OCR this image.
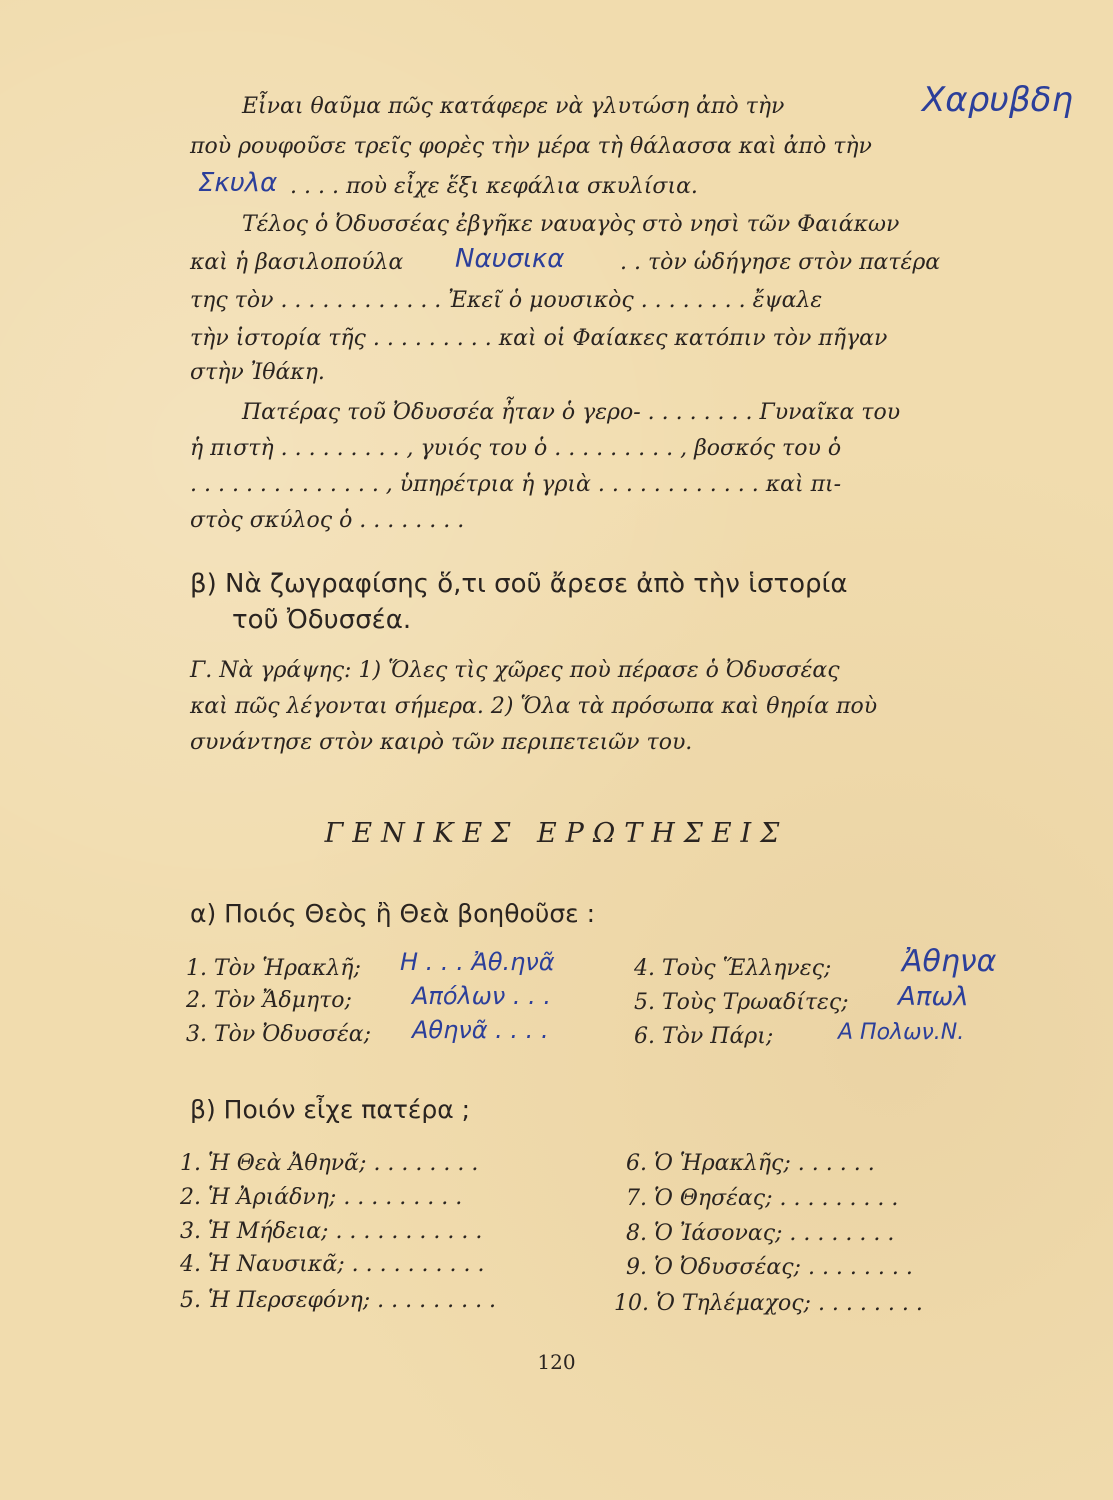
Εἶναι θαῦμα πῶς κατάφερε νὰ γλυτώση ἀπὸ τὴν	Χαρυβδη
ποὺ ρουφοῦσε τρεῖς φορὲς τὴν μέρα τὴ θάλασσα καὶ ἀπὸ τὴν
Σκυλα . . . . ποὺ εἶχε ἕξι κεφάλια σκυλίσια.
Τέλος ὁ Ὀδυσσέας ἐβγῆκε ναυαγὸς στὸ νησὶ τῶν Φαιάκων
καὶ ἡ βασιλοπούλα Ναυσικα	. . τὸν ὡδήγησε στὸν πατέρα
της τὸν . . . . . . . . . . . . Ἐκεῖ ὁ μουσικὸς . . . . . . . . ἔψαλε
τὴν ἱστορία τῆς . . . . . . . . . καὶ οἱ Φαίακες κατόπιν τὸν πῆγαν
στὴν Ἰθάκη.
Πατέρας τοῦ Ὀδυσσέα ἦταν ὁ γερο- . . . . . . . . Γυναῖκα του
ἡ πιστὴ . . . . . . . . . , γυιός του ὁ . . . . . . . . . , βοσκός του ὁ
. . . . . . . . . . . . . . , ὑπηρέτρια ἡ γριὰ . . . . . . . . . . . . καὶ πι-
στὸς σκύλος ὁ . . . . . . . .
β) Νὰ ζωγραφίσης ὅ,τι σοῦ ἄρεσε ἀπὸ τὴν ἱστορία
τοῦ Ὀδυσσέα.
Γ. Νὰ γράψης: 1) Ὅλες τὶς χῶρες ποὺ πέρασε ὁ Ὀδυσσέας
καὶ πῶς λέγονται σήμερα. 2) Ὅλα τὰ πρόσωπα καὶ θηρία ποὺ
συνάντησε στὸν καιρὸ τῶν περιπετειῶν του.
ΓΕΝΙΚΕΣ ΕΡΩΤΗΣΕΙΣ
α) Ποιός Θεὸς ἢ Θεὰ βοηθοῦσε :
1. Τὸν Ἡρακλῆ;
2. Τὸν Ἄδμητο;
3. Τὸν Ὀδυσσέα;
Η . . . Ἀθ.ηνᾶ
Απόλων . . .
Αθηνᾶ . . . .
4. Τοὺς Ἕλληνες;
5. Τοὺς Τρωαδίτες;
6. Τὸν Πάρι;
Ἀθηνα
Απωλ
Α Πολων.Ν.
β) Ποιόν εἶχε πατέρα ;
1. Ἡ Θεὰ Ἀθηνᾶ; . . . . . . . .
2. Ἡ Ἀριάδνη; . . . . . . . . .
3. Ἡ Μήδεια; . . . . . . . . . . .
4. Ἡ Ναυσικᾶ; . . . . . . . . . .
5. Ἡ Περσεφόνη; . . . . . . . . .
6. Ὁ Ἡρακλῆς; . . . . . .
7. Ὁ Θησέας; . . . . . . . . .
8. Ὁ Ἰάσονας; . . . . . . . .
9. Ὁ Ὀδυσσέας; . . . . . . . .
10. Ὁ Τηλέμαχος; . . . . . . . .
120
